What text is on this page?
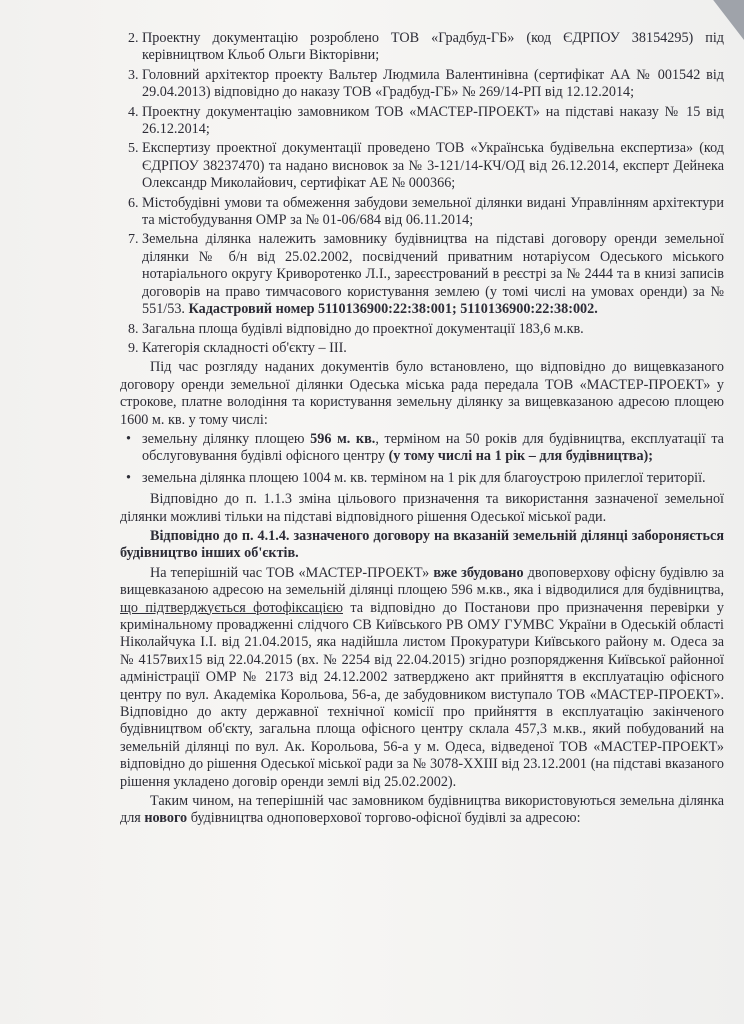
2. Проектну документацію розроблено ТОВ «Градбуд-ГБ» (код ЄДРПОУ 38154295) під керівництвом Кльоб Ольги Вікторівни;
3. Головний архітектор проекту Вальтер Людмила Валентинівна (сертифікат АА № 001542 від 29.04.2013) відповідно до наказу ТОВ «Градбуд-ГБ» № 269/14-РП від 12.12.2014;
4. Проектну документацію замовником ТОВ «МАСТЕР-ПРОЕКТ» на підставі наказу № 15 від 26.12.2014;
5. Експертизу проектної документації проведено ТОВ «Українська будівельна експертиза» (код ЄДРПОУ 38237470) та надано висновок за № 3-121/14-КЧ/ОД від 26.12.2014, експерт Дейнека Олександр Миколайович, сертифікат АЕ № 000366;
6. Містобудівні умови та обмеження забудови земельної ділянки видані Управлінням архітектури та містобудування ОМР за № 01-06/684 від 06.11.2014;
7. Земельна ділянка належить замовнику будівництва на підставі договору оренди земельної ділянки № б/н від 25.02.2002, посвідчений приватним нотаріусом Одеського міського нотаріального округу Криворотенко Л.І., зареєстрований в реєстрі за № 2444 та в книзі записів договорів на право тимчасового користування землею (у томі числі на умовах оренди) за № 551/53. Кадастровий номер 5110136900:22:38:001; 5110136900:22:38:002.
8. Загальна площа будівлі відповідно до проектної документації 183,6 м.кв.
9. Категорія складності об'єкту – ІІІ.

Під час розгляду наданих документів було встановлено, що відповідно до вищевказаного договору оренди земельної ділянки Одеська міська рада передала ТОВ «МАСТЕР-ПРОЕКТ» у строкове, платне володіння та користування земельну ділянку за вищевказаною адресою площею 1600 м. кв. у тому числі:

• земельну ділянку площею 596 м. кв., терміном на 50 років для будівництва, експлуатації та обслуговування будівлі офісного центру (у тому числі на 1 рік – для будівництва);
• земельна ділянка площею 1004 м. кв. терміном на 1 рік для благоустрою прилеглої території.

Відповідно до п. 1.1.3 зміна цільового призначення та використання зазначеної земельної ділянки можливі тільки на підставі відповідного рішення Одеської міської ради.

Відповідно до п. 4.1.4. зазначеного договору на вказаній земельній ділянці забороняється будівництво інших об'єктів.

На теперішній час ТОВ «МАСТЕР-ПРОЕКТ» вже збудовано двоповерхову офісну будівлю за вищевказаною адресою на земельній ділянці площею 596 м.кв., яка і відводилися для будівництва, що підтверджується фотофіксацією та відповідно до Постанови про призначення перевірки у кримінальному провадженні слідчого СВ Київського РВ ОМУ ГУМВС України в Одеській області Ніколайчука І.І. від 21.04.2015, яка надійшла листом Прокуратури Київського району м. Одеса за № 4157вих15 від 22.04.2015 (вх. № 2254 від 22.04.2015) згідно розпорядження Київської районної адміністрації ОМР № 2173 від 24.12.2002 затверджено акт прийняття в експлуатацію офісного центру по вул. Академіка Корольова, 56-а, де забудовником виступало ТОВ «МАСТЕР-ПРОЕКТ». Відповідно до акту державної технічної комісії про прийняття в експлуатацію закінченого будівництвом об'єкту, загальна площа офісного центру склала 457,3 м.кв., який побудований на земельній ділянці по вул. Ак. Корольова, 56-а у м. Одеса, відведеної ТОВ «МАСТЕР-ПРОЕКТ» відповідно до рішення Одеської міської ради за № 3078-ХХІІІ від 23.12.2001 (на підставі вказаного рішення укладено договір оренди землі від 25.02.2002).

Таким чином, на теперішній час замовником будівництва використовуються земельна ділянка для нового будівництва одноповерхової торгово-офісної будівлі за адресою:
